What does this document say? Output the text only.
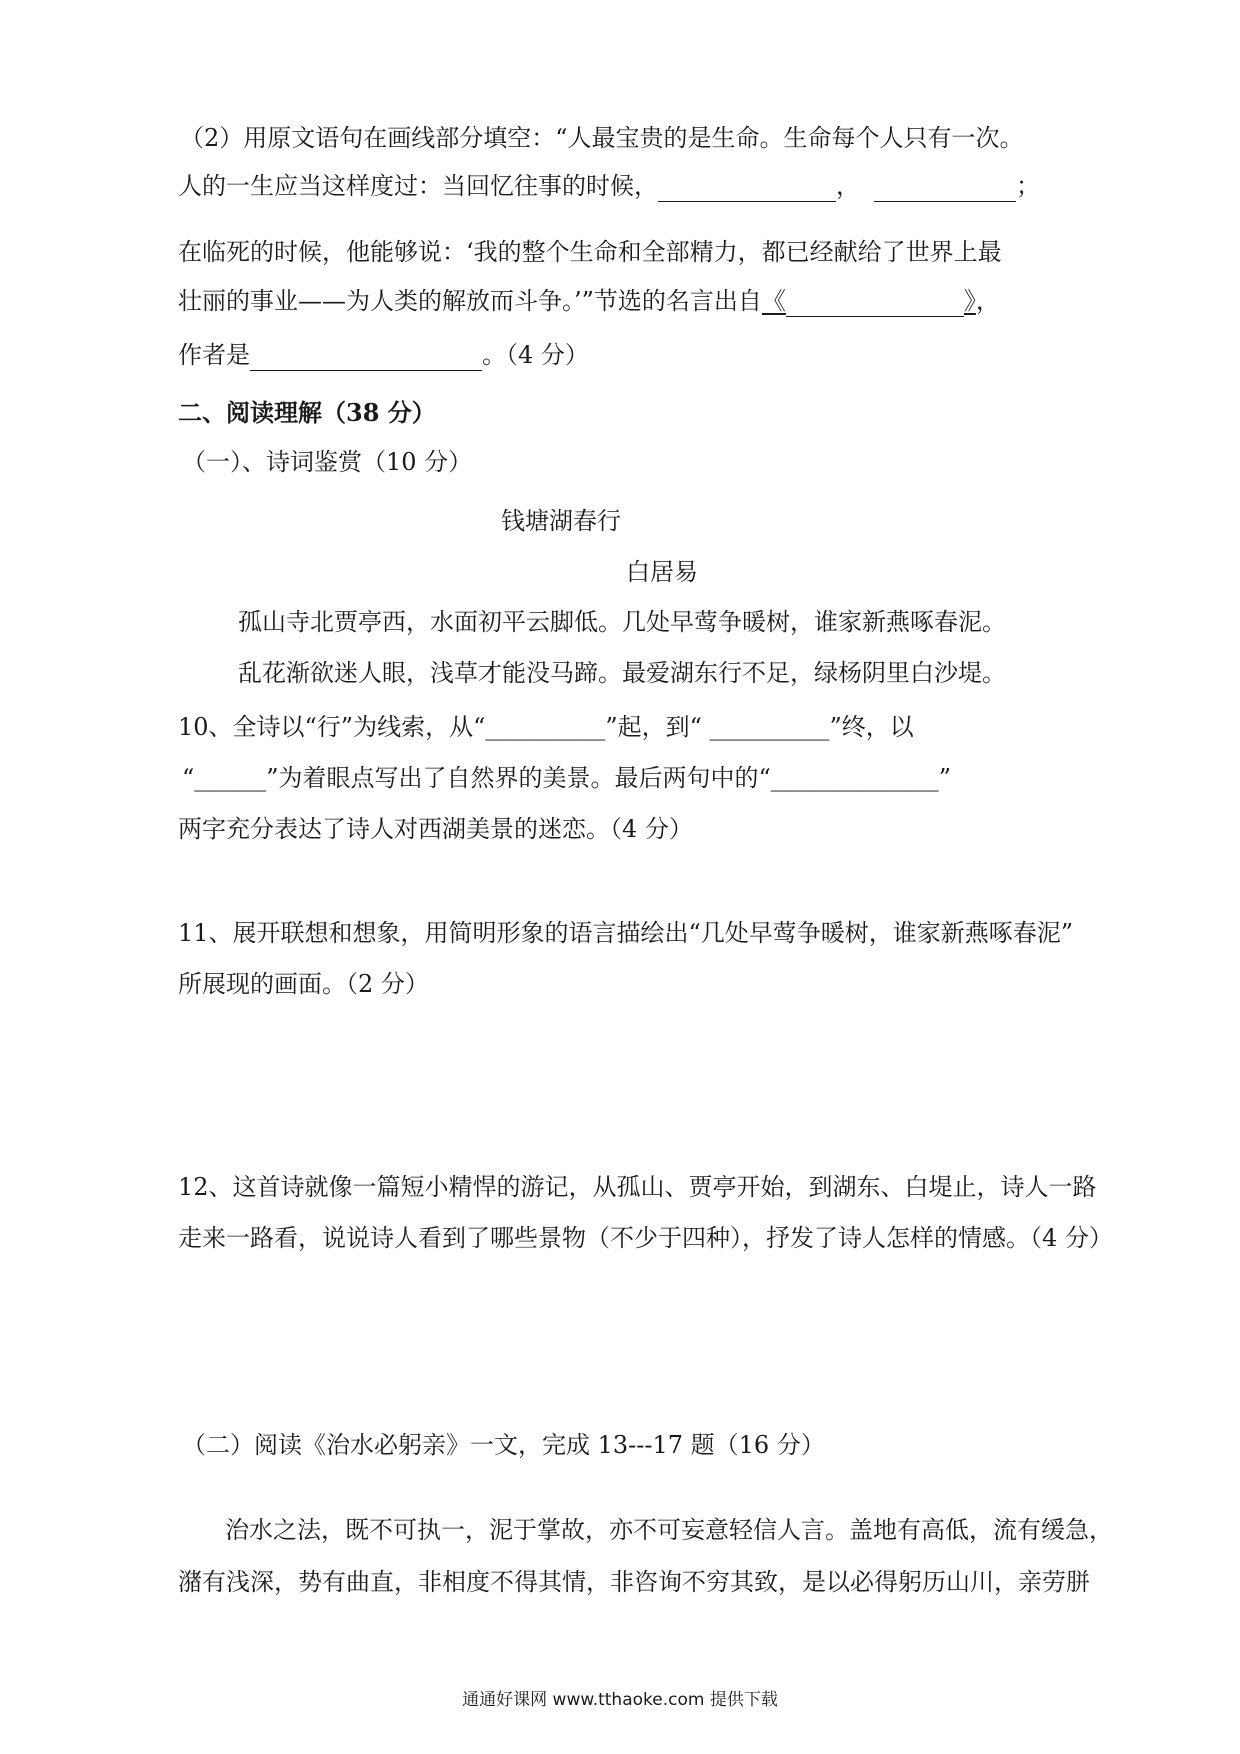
（2）用原文语句在画线部分填空：“人最宝贵的是生命。生命每个人只有一次。
人的一生应当这样度过：当回忆往事的时候，	，	；
在临死的时候，他能够说：‘我的整个生命和全部精力，都已经献给了世界上最
壮丽的事业——为人类的解放而斗争。’”节选的名言出自《	》，
作者是	。（4 分）
二、阅读理解（38 分）
（一）、诗词鉴赏（10 分）
钱塘湖春行
白居易
孤山寺北贾亭西，水面初平云脚低。几处早莺争暖树，谁家新燕啄春泥。
乱花渐欲迷人眼，浅草才能没马蹄。最爱湖东行不足，绿杨阴里白沙堤。
10、全诗以“行”为线索，从“__________”起，到“ __________”终，以
“______”为着眼点写出了自然界的美景。最后两句中的“______________”
两字充分表达了诗人对西湖美景的迷恋。（4 分）
11、展开联想和想象，用简明形象的语言描绘出“几处早莺争暖树，谁家新燕啄春泥”
所展现的画面。（2 分）
12、这首诗就像一篇短小精悍的游记，从孤山、贾亭开始，到湖东、白堤止，诗人一路
走来一路看，说说诗人看到了哪些景物（不少于四种），抒发了诗人怎样的情感。（4 分）
（二）阅读《治水必躬亲》一文，完成 13---17 题（16 分）
治水之法，既不可执一，泥于掌故，亦不可妄意轻信人言。盖地有高低，流有缓急，
潴有浅深，势有曲直，非相度不得其情，非咨询不穷其致，是以必得躬历山川，亲劳胼
通通好课网 www.tthaoke.com 提供下载
